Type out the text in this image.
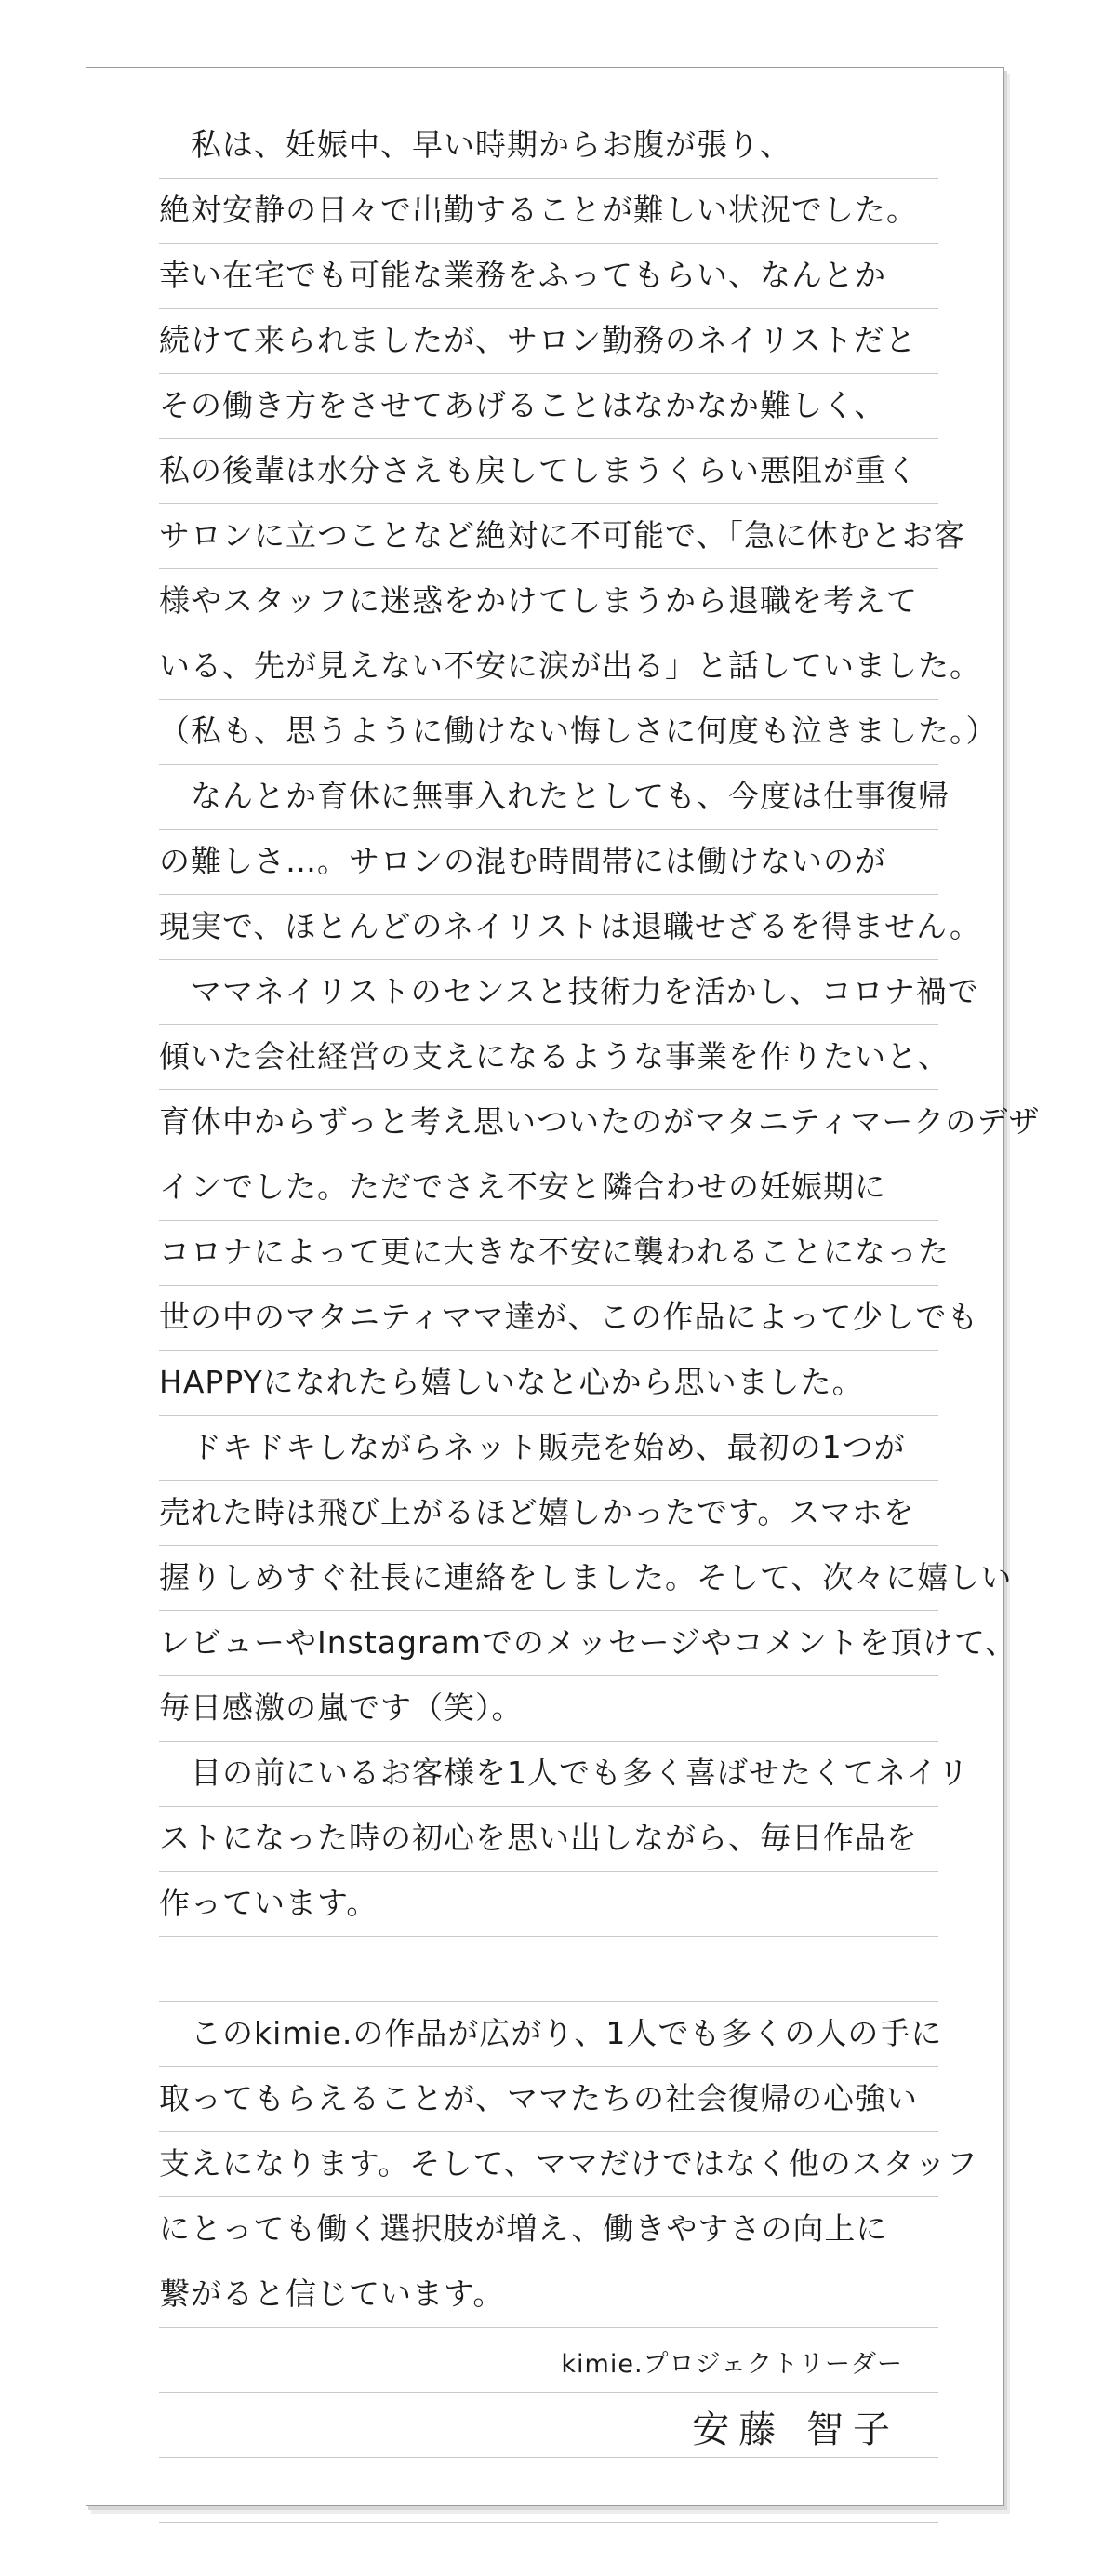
kimie.プロジェクトリーダー
安藤 智子
　私は、妊娠中、早い時期からお腹が張り、
絶対安静の日々で出勤することが難しい状況でした。
幸い在宅でも可能な業務をふってもらい、なんとか
続けて来られましたが、サロン勤務のネイリストだと
その働き方をさせてあげることはなかなか難しく、
私の後輩は水分さえも戻してしまうくらい悪阻が重く
サロンに立つことなど絶対に不可能で、「急に休むとお客
様やスタッフに迷惑をかけてしまうから退職を考えて
いる、先が見えない不安に涙が出る」と話していました。
（私も、思うように働けない悔しさに何度も泣きました。）
　なんとか育休に無事入れたとしても、今度は仕事復帰
の難しさ…。サロンの混む時間帯には働けないのが
現実で、ほとんどのネイリストは退職せざるを得ません。
　ママネイリストのセンスと技術力を活かし、コロナ禍で
傾いた会社経営の支えになるような事業を作りたいと、
育休中からずっと考え思いついたのがマタニティマークのデザ
インでした。ただでさえ不安と隣合わせの妊娠期に
コロナによって更に大きな不安に襲われることになった
世の中のマタニティママ達が、この作品によって少しでも
HAPPYになれたら嬉しいなと心から思いました。
　ドキドキしながらネット販売を始め、最初の1つが
売れた時は飛び上がるほど嬉しかったです。スマホを
握りしめすぐ社長に連絡をしました。そして、次々に嬉しい
レビューやInstagramでのメッセージやコメントを頂けて、
毎日感激の嵐です（笑）。
　目の前にいるお客様を1人でも多く喜ばせたくてネイリ
ストになった時の初心を思い出しながら、毎日作品を
作っています。
　このkimie.の作品が広がり、1人でも多くの人の手に
取ってもらえることが、ママたちの社会復帰の心強い
支えになります。そして、ママだけではなく他のスタッフ
にとっても働く選択肢が増え、働きやすさの向上に
繋がると信じています。
